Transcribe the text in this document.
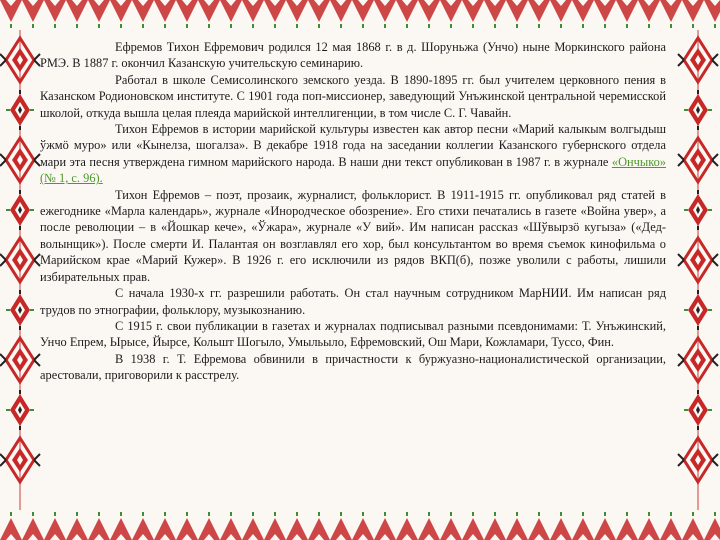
Ефремов Тихон Ефремович родился 12 мая 1868 г. в д. Шоруньжа (Унчо) ныне Моркинского района РМЭ. В 1887 г. окончил Казанскую учительскую семинарию.

Работал в школе Семисолинского земского уезда. В 1890-1895 гг. был учителем церковного пения в Казанском Родионовском институте. С 1901 года поп-миссионер, заведующий Унъжинской центральной черемисской школой, откуда вышла целая плеяда марийской интеллигенции, в том числе С. Г. Чавайн.

Тихон Ефремов в истории марийской культуры известен как автор песни «Марий калыкым волгыдыш ўжмӧ муро» или «Кынелза, шогалза». В декабре 1918 года на заседании коллегии Казанского губернского отдела мари эта песня утверждена гимном марийского народа. В наши дни текст опубликован в 1987 г. в журнале «Ончыко» (№ 1, с. 96).

Тихон Ефремов – поэт, прозаик, журналист, фольклорист. В 1911-1915 гг. опубликовал ряд статей в ежегоднике «Марла календарь», журнале «Инородческое обозрение». Его стихи печатались в газете «Война увер», а после революции – в «Йошкар кече», «Ўжара», журнале «У вий». Им написан рассказ «Шўвырзӧ кугыза» («Дед-волынщик»). После смерти И. Палантая он возглавлял его хор, был консультантом во время съемок кинофильма о Марийском крае «Марий Кужер». В 1926 г. его исключили из рядов ВКП(б), позже уволили с работы, лишили избирательных прав.

С начала 1930-х гг. разрешили работать. Он стал научным сотрудником МарНИИ. Им написан ряд трудов по этнографии, фольклору, музыкознанию.

С 1915 г. свои публикации в газетах и журналах подписывал разными псевдонимами: Т. Унъжинский, Унчо Епрем, Ырысе, Йырсе, Кольшт Шогыло, Умыльыло, Ефремовский, Ош Мари, Кожламари, Туссо, Фин.

В 1938 г. Т. Ефремова обвинили в причастности к буржуазно-националистической организации, арестовали, приговорили к расстрелу.
